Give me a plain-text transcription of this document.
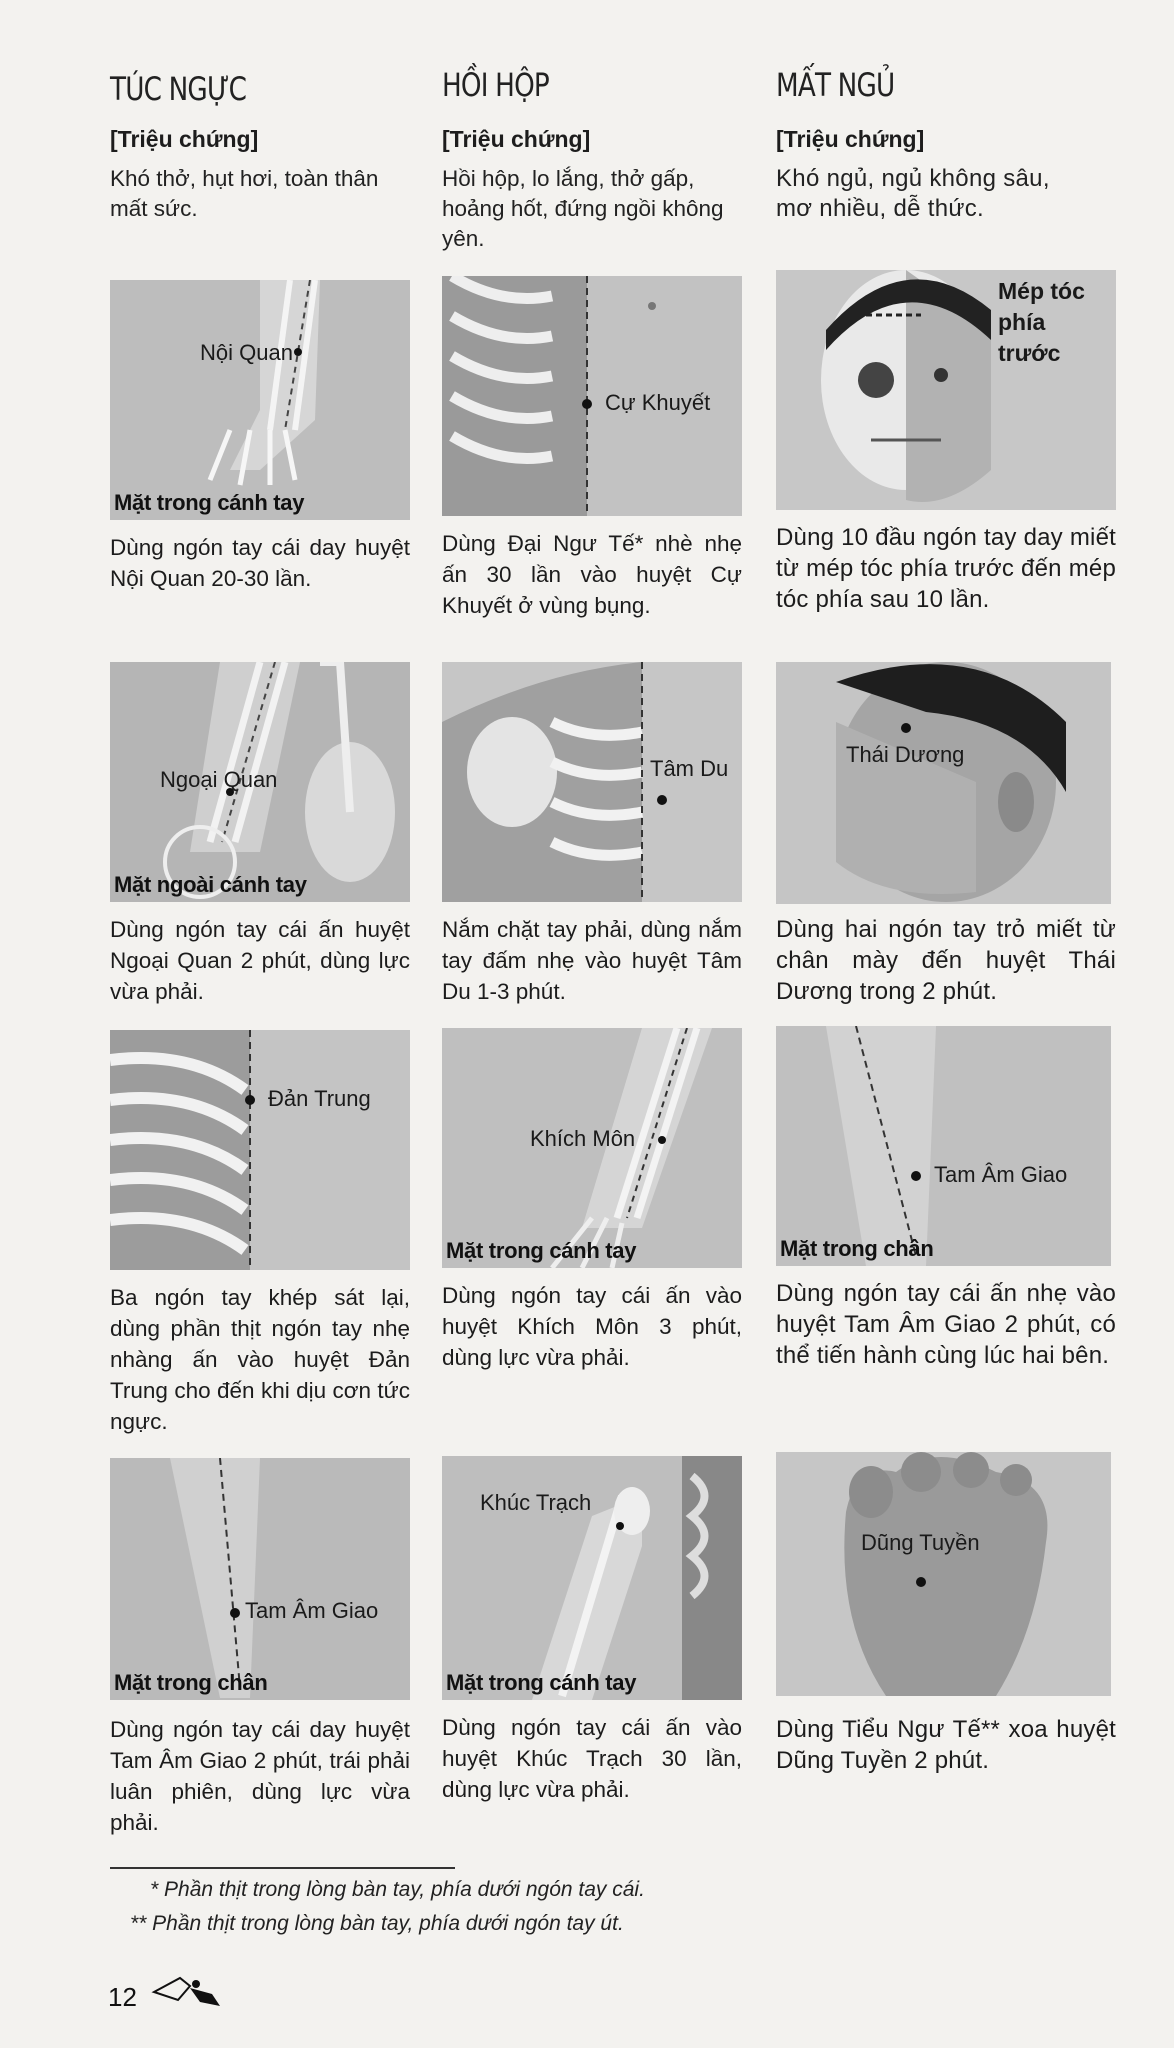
TÚC NGỰC
[Triệu chứng]
Khó thở, hụt hơi, toàn thân mất sức.
Nội Quan
Mặt trong cánh tay
Dùng ngón tay cái day huyệt Nội Quan 20-30 lần.
Ngoại Quan
Mặt ngoài cánh tay
Dùng ngón tay cái ấn huyệt Ngoại Quan 2 phút, dùng lực vừa phải.
Đản Trung
Ba ngón tay khép sát lại, dùng phần thịt ngón tay nhẹ nhàng ấn vào huyệt Đản Trung cho đến khi dịu cơn tức ngực.
Tam Âm Giao
Mặt trong chân
Dùng ngón tay cái day huyệt Tam Âm Giao 2 phút, trái phải luân phiên, dùng lực vừa phải.
HỒI HỘP
[Triệu chứng]
Hồi hộp, lo lắng, thở gấp, hoảng hốt, đứng ngồi không yên.
Cự Khuyết
Dùng Đại Ngư Tế* nhè nhẹ ấn 30 lần vào huyệt Cự Khuyết ở vùng bụng.
Tâm Du
Nắm chặt tay phải, dùng nắm tay đấm nhẹ vào huyệt Tâm Du 1-3 phút.
Khích Môn
Mặt trong cánh tay
Dùng ngón tay cái ấn vào huyệt Khích Môn 3 phút, dùng lực vừa phải.
Khúc Trạch
Mặt trong cánh tay
Dùng ngón tay cái ấn vào huyệt Khúc Trạch 30 lần, dùng lực vừa phải.
MẤT NGỦ
[Triệu chứng]
Khó ngủ, ngủ không sâu, mơ nhiều, dễ thức.
Mép tóc phía trước
Dùng 10 đầu ngón tay day miết từ mép tóc phía trước đến mép tóc phía sau 10 lần.
Thái Dương
Dùng hai ngón tay trỏ miết từ chân mày đến huyệt Thái Dương trong 2 phút.
Tam Âm Giao
Mặt trong chân
Dùng ngón tay cái ấn nhẹ vào huyệt Tam Âm Giao 2 phút, có thể tiến hành cùng lúc hai bên.
Dũng Tuyền
Dùng Tiểu Ngư Tế** xoa huyệt Dũng Tuyền 2 phút.
* Phần thịt trong lòng bàn tay, phía dưới ngón tay cái.
** Phần thịt trong lòng bàn tay, phía dưới ngón tay út.
12
